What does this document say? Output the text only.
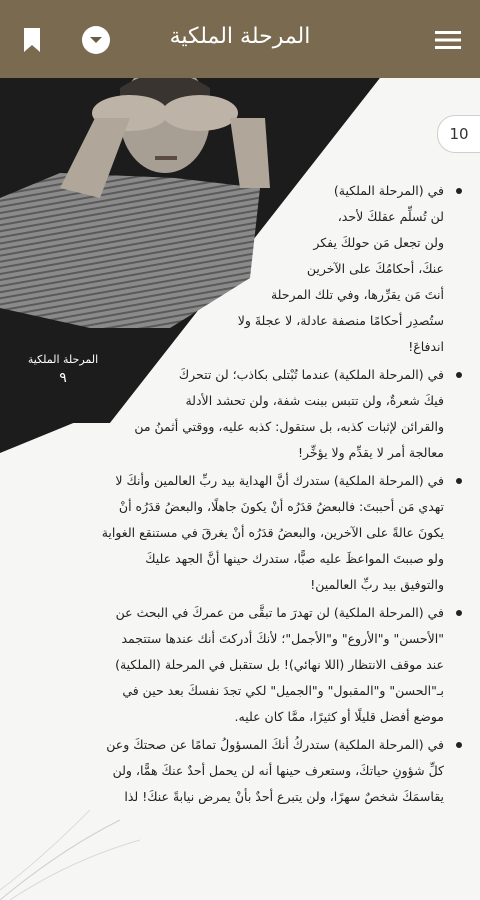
المرحلة الملكية
المرحلة الملكية
٩
10
في (المرحلة الملكية)
لن تُسلِّم عقلكَ لأحد،
ولن تجعل مَن حولكَ يفكر
عنكَ، أحكامُكَ على الآخرين
أنتَ مَن يقرِّرها، وفي تلك المرحلة
ستُصدِر أحكامًا منصفة عادلة، لا عجلةَ ولا
اندفاعَ!
في (المرحلة الملكية) عندما تُبْتلى بكاذب؛ لن تتحركَ
فيكَ شعرةٌ، ولن تتبس ببنت شفة، ولن تحشد الأدلة
والقرائن لإثبات كذبه، بل ستقول: كذبه عليه، ووقتي أثمنُ من
معالجة أمر لا يقدِّم ولا يؤخِّر!
في (المرحلة الملكية) ستدرك أنَّ الهداية بيد ربِّ العالمين وأنكَ لا
تهدي مَن أحببتَ: فالبعضُ قدَرُه أنْ يكونَ جاهلًا، والبعضُ قدَرُه أنْ
يكونَ عالةً على الآخرين، والبعضُ قدَرُه أنْ يغرقَ في مستنقع الغواية
ولو صببتَ المواعظَ عليه صبًّا، ستدرك حينها أنَّ الجهد عليكَ
والتوفيق بيد ربِّ العالمين!
في (المرحلة الملكية) لن تهدرَ ما تبقَّى من عمركَ في البحث عن
"الأحسن" و"الأروع" و"الأجمل"؛ لأنكَ أدركتَ أنك عندها ستتجمد
عند موقف الانتظار (اللا نهائي)! بل ستقبل في المرحلة (الملكية)
بـ"الحسن" و"المقبول" و"الجميل" لكي تجدَ نفسكَ بعد حين في
موضع أفضل قليلًا أو كثيرًا، ممَّا كان عليه.
في (المرحلة الملكية) ستدركُ أنكَ المسؤولُ تمامًا عن صحتكَ وعن
كلِّ شؤونِ حياتكَ، وستعرف حينها أنه لن يحمل أحدٌ عنكَ همًّا، ولن
يقاسمَكَ شخصٌ سهرًا، ولن يتبرع أحدٌ بأنْ يمرض نيابةً عنكَ! لذا
